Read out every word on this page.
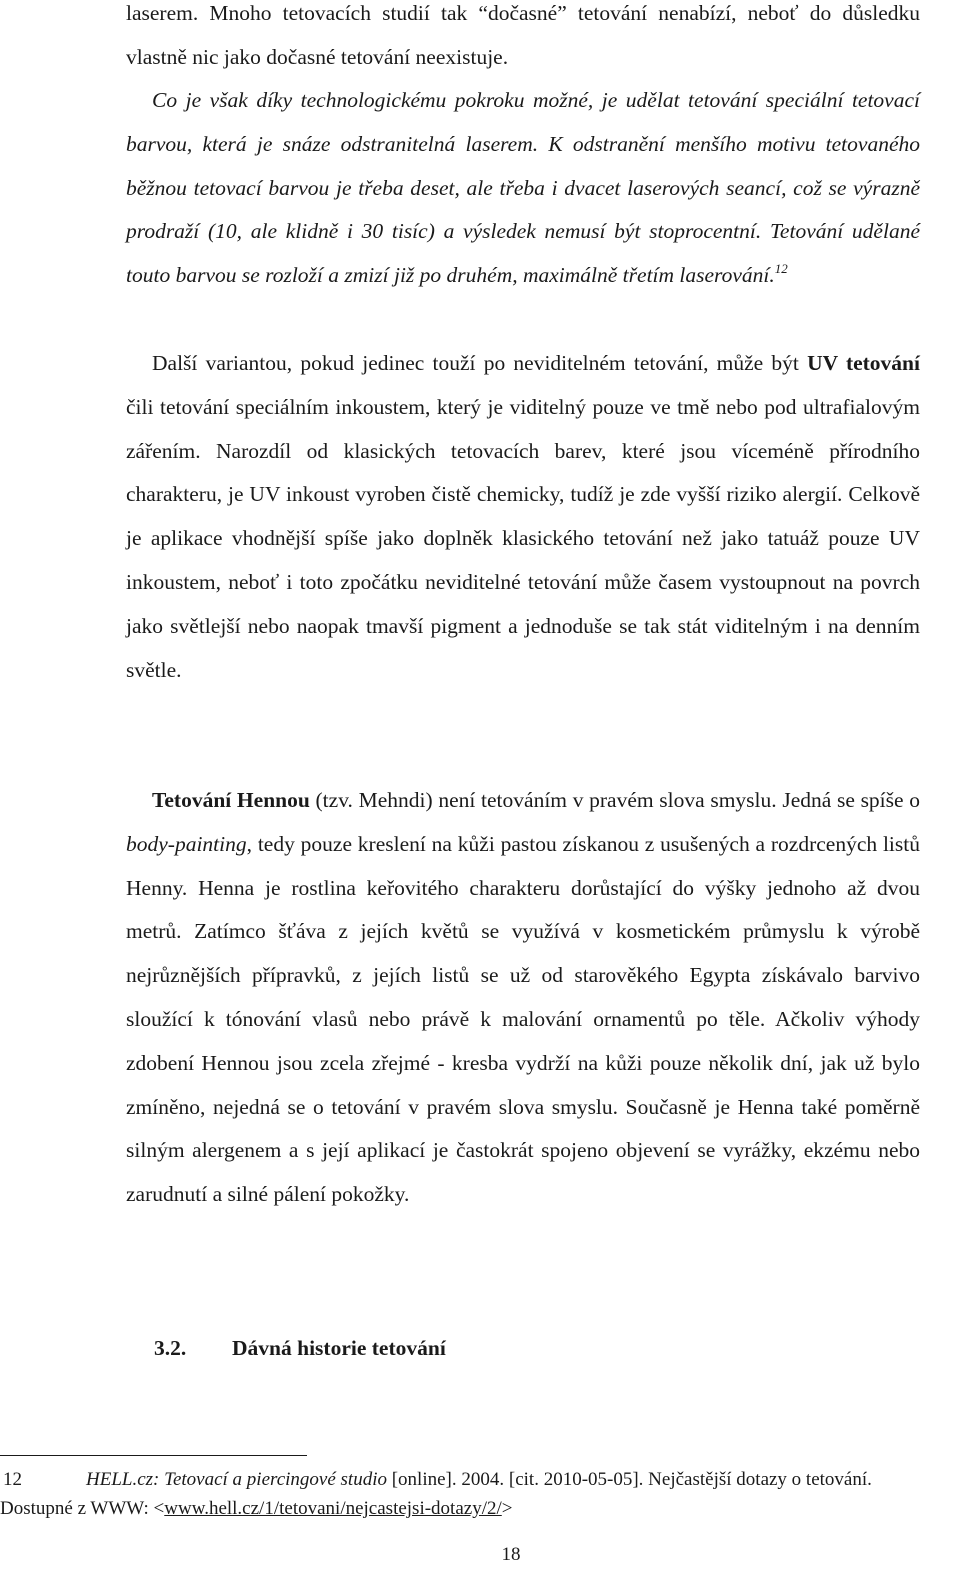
laserem. Mnoho tetovacích studií tak “dočasné” tetování nenabízí, neboť do důsledku vlastně nic jako dočasné tetování neexistuje.

Co je však díky technologickému pokroku možné, je udělat tetování speciální tetovací barvou, která je snáze odstranitelná laserem. K odstranění menšího motivu tetovaného běžnou tetovací barvou je třeba deset, ale třeba i dvacet laserových seancí, což se výrazně prodraží (10, ale klidně i 30 tisíc) a výsledek nemusí být stoprocentní. Tetování udělané touto barvou se rozloží a zmizí již po druhém, maximálně třetím laserování.$^{12}$

Další variantou, pokud jedinec touží po neviditelném tetování, může být UV tetování čili tetování speciálním inkoustem, který je viditelný pouze ve tmě nebo pod ultrafialovým zářením. Narozdíl od klasických tetovacích barev, které jsou víceméně přírodního charakteru, je UV inkoust vyroben čistě chemicky, tudíž je zde vyšší riziko alergií. Celkově je aplikace vhodnější spíše jako doplněk klasického tetování než jako tatuáž pouze UV inkoustem, neboť i toto zpočátku neviditelné tetování může časem vystoupnout na povrch jako světlejší nebo naopak tmavší pigment a jednoduše se tak stát viditelným i na denním světle.

Tetování Hennou (tzv. Mehndi) není tetováním v pravém slova smyslu. Jedná se spíše o body-painting, tedy pouze kreslení na kůži pastou získanou z usušených a rozdrcených listů Henny. Henna je rostlina keřovitého charakteru dorůstající do výšky jednoho až dvou metrů. Zatímco šťáva z jejích květů se využívá v kosmetickém průmyslu k výrobě nejrůznějších přípravků, z jejích listů se už od starověkého Egypta získávalo barvivo sloužící k tónování vlasů nebo právě k malování ornamentů po těle. Ačkoliv výhody zdobení Hennou jsou zcela zřejmé - kresba vydrží na kůži pouze několik dní, jak už bylo zmíněno, nejedná se o tetování v pravém slova smyslu. Současně je Henna také poměrně silným alergenem a s její aplikací je častokrát spojeno objevení se vyrážky, ekzému nebo zarudnutí a silné pálení pokožky.

3.2. Dávná historie tetování

12	HELL.cz: Tetovací a piercingové studio [online]. 2004. [cit. 2010-05-05]. Nejčastější dotazy o tetování.
Dostupné z WWW: <www.hell.cz/1/tetovani/nejcastejsi-dotazy/2/>

18
